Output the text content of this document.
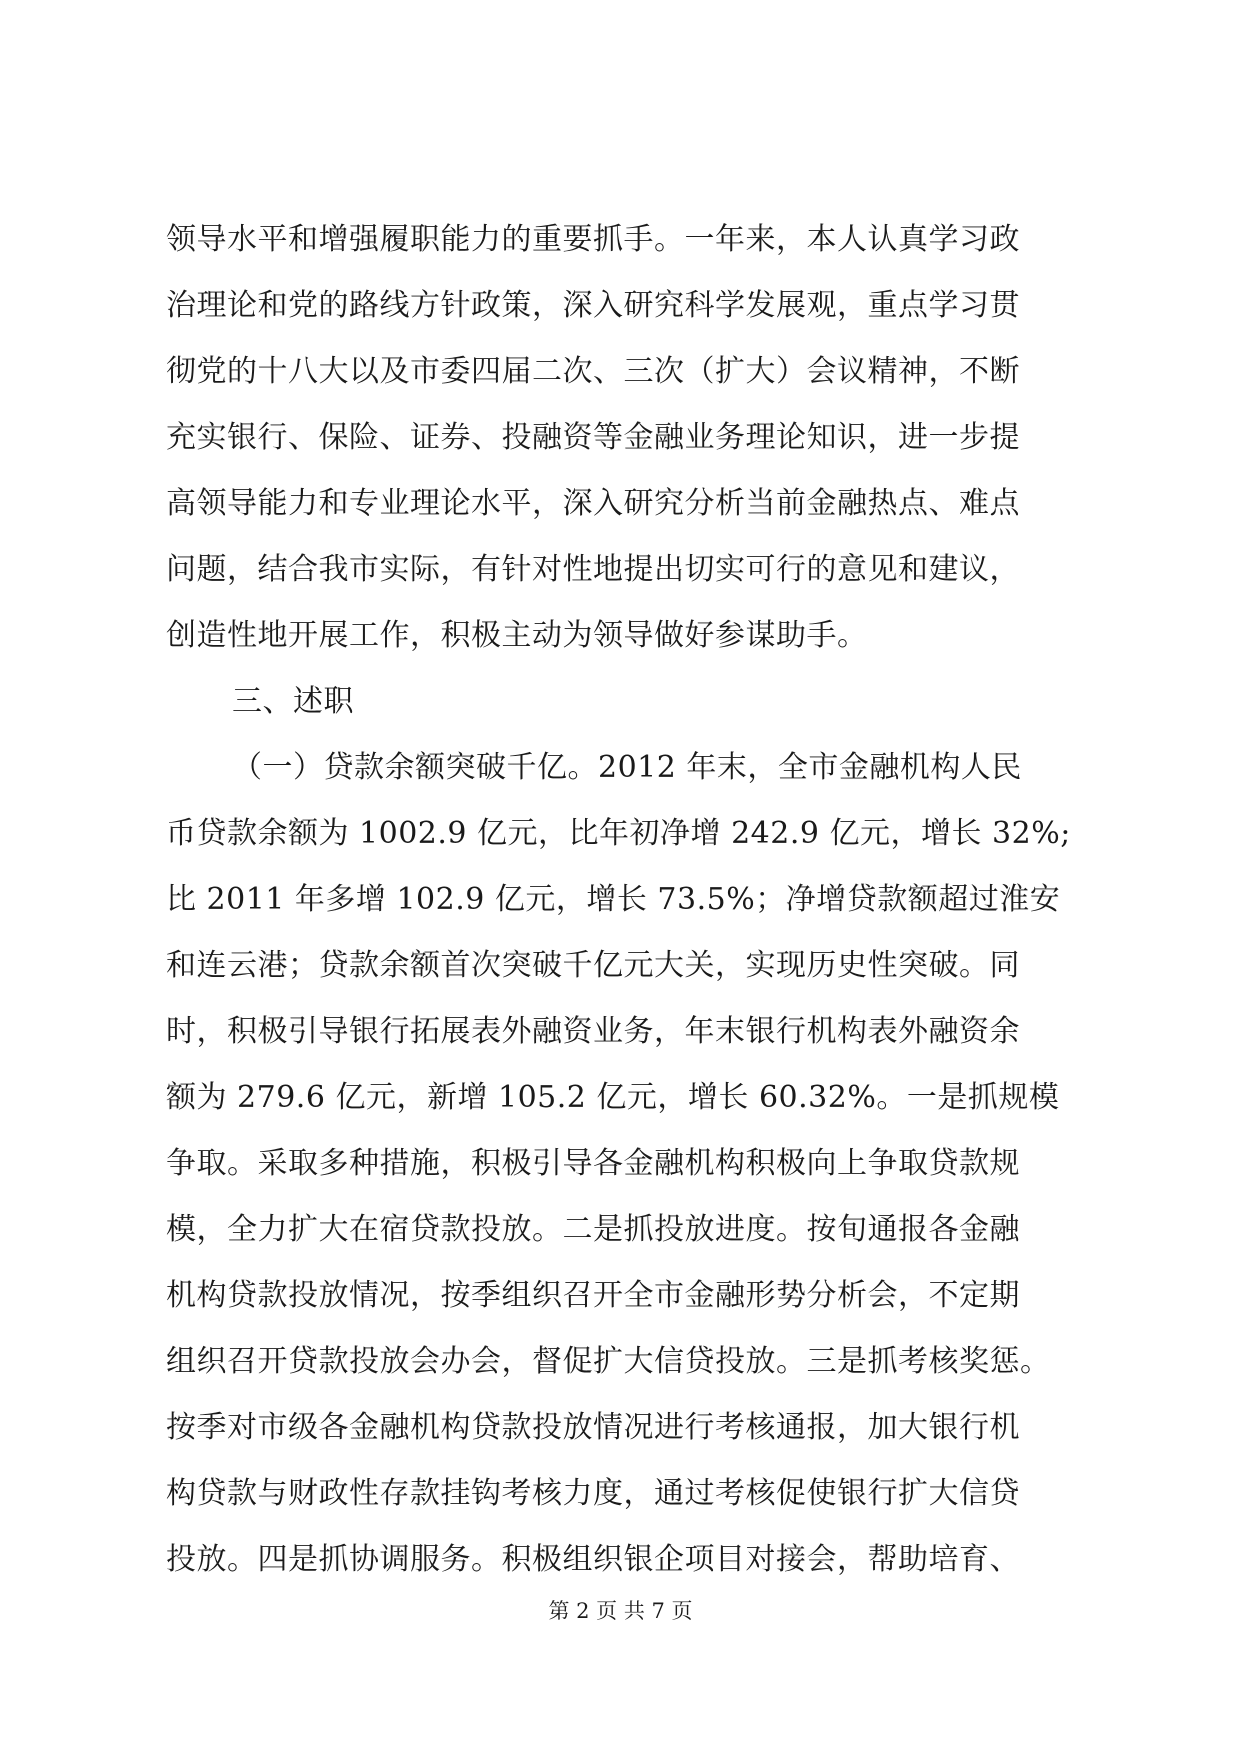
领导水平和增强履职能力的重要抓手。一年来，本人认真学习政
治理论和党的路线方针政策，深入研究科学发展观，重点学习贯
彻党的十八大以及市委四届二次、三次（扩大）会议精神，不断
充实银行、保险、证券、投融资等金融业务理论知识，进一步提
高领导能力和专业理论水平，深入研究分析当前金融热点、难点
问题，结合我市实际，有针对性地提出切实可行的意见和建议，
创造性地开展工作，积极主动为领导做好参谋助手。
三、述职
（一）贷款余额突破千亿。2012 年末，全市金融机构人民
币贷款余额为 1002.9 亿元，比年初净增 242.9 亿元，增长 32%;
比 2011 年多增 102.9 亿元，增长 73.5%；净增贷款额超过淮安
和连云港；贷款余额首次突破千亿元大关，实现历史性突破。同
时，积极引导银行拓展表外融资业务，年末银行机构表外融资余
额为 279.6 亿元，新增 105.2 亿元，增长 60.32%。一是抓规模
争取。采取多种措施，积极引导各金融机构积极向上争取贷款规
模，全力扩大在宿贷款投放。二是抓投放进度。按旬通报各金融
机构贷款投放情况，按季组织召开全市金融形势分析会，不定期
组织召开贷款投放会办会，督促扩大信贷投放。三是抓考核奖惩。
按季对市级各金融机构贷款投放情况进行考核通报，加大银行机
构贷款与财政性存款挂钩考核力度，通过考核促使银行扩大信贷
投放。四是抓协调服务。积极组织银企项目对接会，帮助培育、
第 2 页 共 7 页
